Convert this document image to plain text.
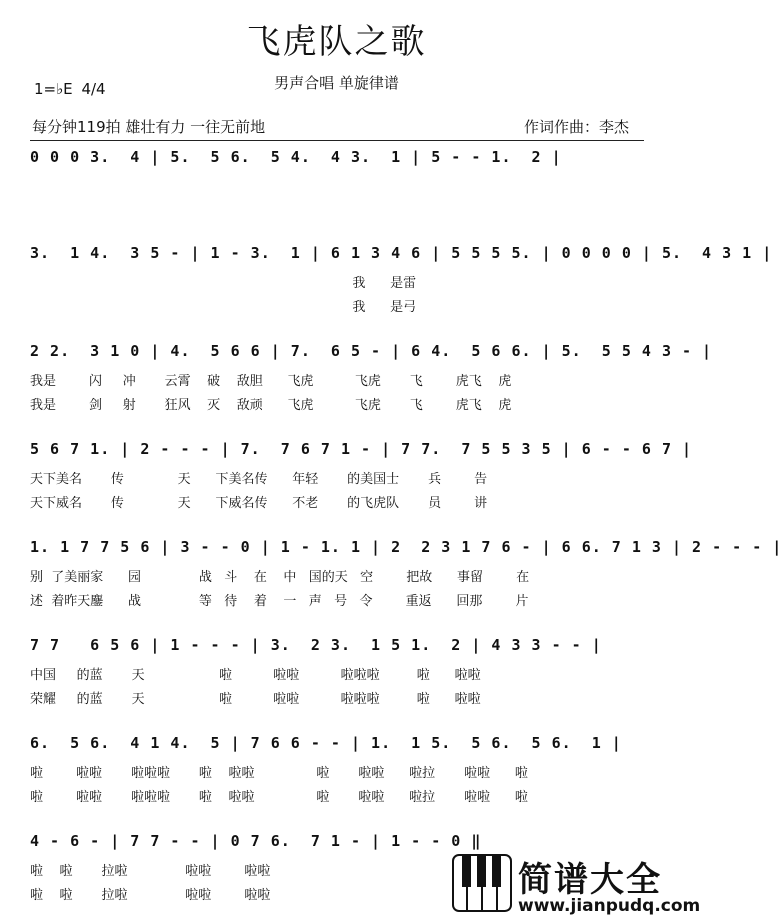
飞虎队之歌
男声合唱 单旋律谱
1=♭E 4/4
每分钟119拍 雄壮有力 一往无前地	作词作曲：李杰
0 0 0 3.  4 | 5.  5 6.  5 4.  4 3.  1 | 5 - - 1.  2 |
3.  1 4.  3 5 - | 1 - 3.  1 | 6 1 3 4 6 | 5 5 5 5. | 0 0 0 0 | 5.  4 3 1 |
我      是雷
我      是弓
2 2.  3 1 0 | 4.  5 6 6 | 7.  6 5 - | 6 4.  5 6 6. | 5.  5 5 4 3 - |
我是        闪     冲       云霄    破    敌胆      飞虎          飞虎       飞        虎飞    虎
我是        剑     射       狂风    灭    敌顽      飞虎          飞虎       飞        虎飞    虎
5 6 7 1. | 2 - - - | 7.  7 6 7 1 - | 7 7.  7 5 5 3 5 | 6 - - 6 7 |
天下美名       传             天      下美名传      年轻       的美国士       兵        告
天下威名       传             天      下威名传      不老       的飞虎队       员        讲
1. 1 7 7 5 6 | 3 - - 0 | 1 - 1. 1 | 2  2 3 1 7 6 - | 6 6. 7 1 3 | 2 - - - |
别  了美丽家      园              战   斗    在    中   国的天   空        把故      事留        在
述  着昨天鏖      战              等   待    着    一   声   号   令        重返      回那        片
7 7   6 5 6 | 1 - - - | 3.  2 3.  1 5 1.  2 | 4 3 3 - - |
中国     的蓝       天                  啦          啦啦          啦啦啦         啦      啦啦
荣耀     的蓝       天                  啦          啦啦          啦啦啦         啦      啦啦
6.  5 6.  4 1 4.  5 | 7 6 6 - - | 1.  1 5.  5 6.  5 6.  1 |
啦        啦啦       啦啦啦       啦    啦啦               啦       啦啦      啦拉       啦啦      啦
啦        啦啦       啦啦啦       啦    啦啦               啦       啦啦      啦拉       啦啦      啦
4 - 6 - | 7 7 - - | 0 7 6.  7 1 - | 1 - - 0 ‖
啦    啦       拉啦              啦啦        啦啦
啦    啦       拉啦              啦啦        啦啦	简谱大全
www.jianpudq.com
